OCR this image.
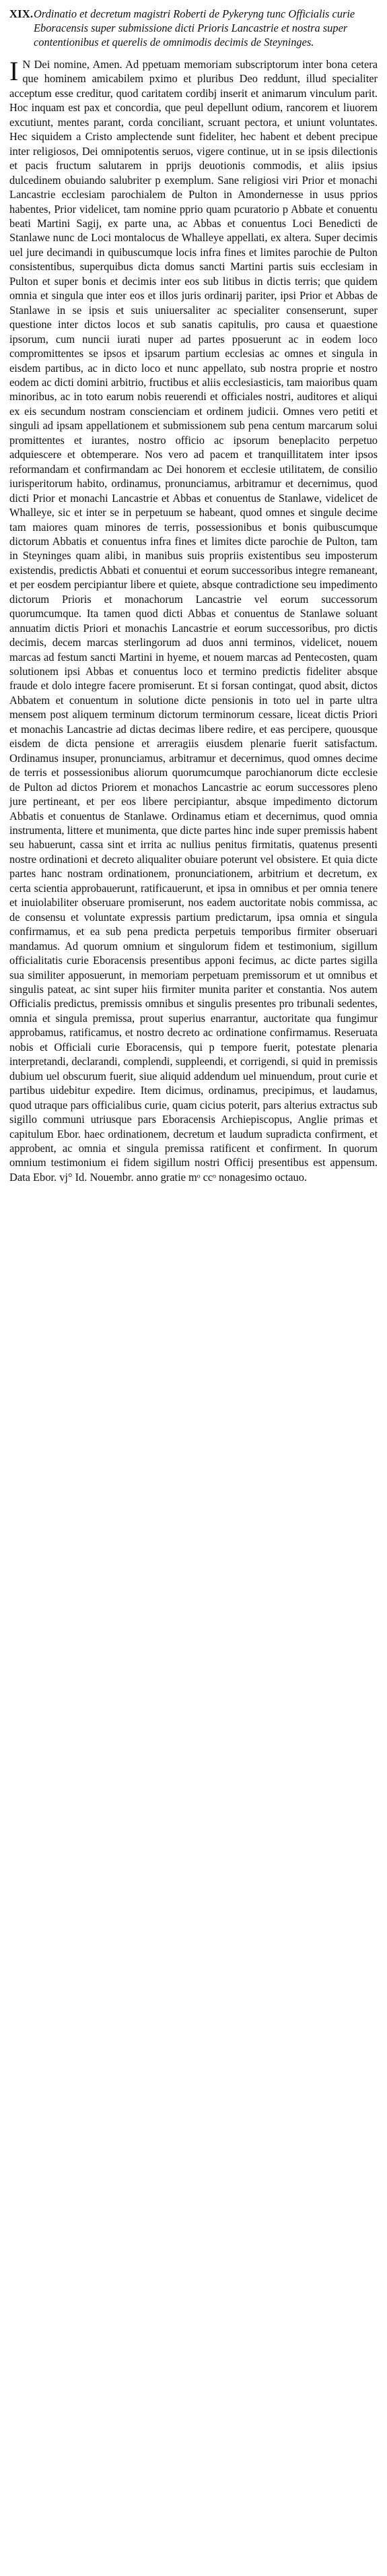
XIX. Ordinatio et decretum magistri Roberti de Pykeryng tunc Officialis curie Eboracensis super submissione dicti Prioris Lancastrie et nostra super contentionibus et querelis de omnimodis decimis de Steyninges.

I N Dei nomine, Amen. Ad ppetuam memoriam subscriptorum inter bona cetera que hominem amicabilem pximo et pluribus Deo reddunt, illud specialiter acceptum esse creditur, quod caritatem cordibj inserit et animarum vinculum parit. Hoc inquam est pax et concordia, que peul depellunt odium, rancorem et liuorem excutiunt, mentes parant, corda conciliant, scruant pectora, et uniunt voluntates. Hec siquidem a Cristo amplectende sunt fideliter, hec habent et debent precipue inter religiosos, Dei omnipotentis seruos, vigere continue, ut in se ipsis dilectionis et pacis fructum salutarem in pprijs deuotionis commodis, et aliis ipsius dulcedinem obuiando salubriter p exemplum. Sane religiosi viri Prior et monachi Lancastrie ecclesiam parochialem de Pulton in Amondernesse in usus pprios habentes, Prior videlicet, tam nomine pprio quam pcuratorio p Abbate et conuentu beati Martini Sagij, ex parte una, ac Abbas et conuentus Loci Benedicti de Stanlawe nunc de Loci montalocus de Whalleye appellati, ex altera. Super decimis uel jure decimandi in quibuscumque locis infra fines et limites parochie de Pulton consistentibus, superquibus dicta domus sancti Martini partis suis ecclesiam in Pulton et super bonis et decimis inter eos sub litibus in dictis terris; que quidem omnia et singula que inter eos et illos juris ordinarij pariter, ipsi Prior et Abbas de Stanlawe in se ipsis et suis uniuersaliter ac specialiter consenserunt, super questione inter dictos locos et sub sanatis capitulis, pro causa et quaestione ipsorum, cum nuncii iurati nuper ad partes pposuerunt ac in eodem loco compromittentes se ipsos et ipsarum partium ecclesias ac omnes et singula in eisdem partibus, ac in dicto loco et nunc appellato, sub nostra proprie et nostro eodem ac dicti domini arbitrio, fructibus et aliis ecclesiasticis, tam maioribus quam minoribus, ac in toto earum nobis reuerendi et officiales nostri, auditores et aliqui ex eis secundum nostram conscienciam et ordinem judicii. Omnes vero petiti et singuli ad ipsam appellationem et submissionem sub pena centum marcarum solui promittentes et iurantes, nostro officio ac ipsorum beneplacito perpetuo adquiescere et obtemperare. Nos vero ad pacem et tranquillitatem inter ipsos reformandam et confirmandam ac Dei honorem et ecclesie utilitatem, de consilio iurisperitorum habito, ordinamus, pronunciamus, arbitramur et decernimus, quod dicti Prior et monachi Lancastrie et Abbas et conuentus de Stanlawe, videlicet de Whalleye, sic et inter se in perpetuum se habeant, quod omnes et singule decime tam maiores quam minores de terris, possessionibus et bonis quibuscumque dictorum Abbatis et conuentus infra fines et limites dicte parochie de Pulton, tam in Steyninges quam alibi, in manibus suis propriis existentibus seu imposterum existendis, predictis Abbati et conuentui et eorum successoribus integre remaneant, et per eosdem percipiantur libere et quiete, absque contradictione seu impedimento dictorum Prioris et monachorum Lancastrie vel eorum successorum quorumcumque. Ita tamen quod dicti Abbas et conuentus de Stanlawe soluant annuatim dictis Priori et monachis Lancastrie et eorum successoribus, pro dictis decimis, decem marcas sterlingorum ad duos anni terminos, videlicet, nouem marcas ad festum sancti Martini in hyeme, et nouem marcas ad Pentecosten, quam solutionem ipsi Abbas et conuentus loco et termino predictis fideliter absque fraude et dolo integre facere promiserunt. Et si forsan contingat, quod absit, dictos Abbatem et conuentum in solutione dicte pensionis in toto uel in parte ultra mensem post aliquem terminum dictorum terminorum cessare, liceat dictis Priori et monachis Lancastrie ad dictas decimas libere redire, et eas percipere, quousque eisdem de dicta pensione et arreragiis eiusdem plenarie fuerit satisfactum. Ordinamus insuper, pronunciamus, arbitramur et decernimus, quod omnes decime de terris et possessionibus aliorum quorumcumque parochianorum dicte ecclesie de Pulton ad dictos Priorem et monachos Lancastrie ac eorum successores pleno jure pertineant, et per eos libere percipiantur, absque impedimento dictorum Abbatis et conuentus de Stanlawe. Ordinamus etiam et decernimus, quod omnia instrumenta, littere et munimenta, que dicte partes hinc inde super premissis habent seu habuerunt, cassa sint et irrita ac nullius penitus firmitatis, quatenus presenti nostre ordinationi et decreto aliqualiter obuiare poterunt vel obsistere. Et quia dicte partes hanc nostram ordinationem, pronunciationem, arbitrium et decretum, ex certa scientia approbauerunt, ratificauerunt, et ipsa in omnibus et per omnia tenere et inuiolabiliter obseruare promiserunt, nos eadem auctoritate nobis commissa, ac de consensu et voluntate expressis partium predictarum, ipsa omnia et singula confirmamus, et ea sub pena predicta perpetuis temporibus firmiter obseruari mandamus. Ad quorum omnium et singulorum fidem et testimonium, sigillum officialitatis curie Eboracensis presentibus apponi fecimus, ac dicte partes sigilla sua similiter apposuerunt, in memoriam perpetuam premissorum et ut omnibus et singulis pateat, ac sint super hiis firmiter munita pariter et constantia. Nos autem Officialis predictus, premissis omnibus et singulis presentes pro tribunali sedentes, omnia et singula premissa, prout superius enarrantur, auctoritate qua fungimur approbamus, ratificamus, et nostro decreto ac ordinatione confirmamus. Reseruata nobis et Officiali curie Eboracensis, qui p tempore fuerit, potestate plenaria interpretandi, declarandi, complendi, suppleendi, et corrigendi, si quid in premissis dubium uel obscurum fuerit, siue aliquid addendum uel minuendum, prout curie et partibus uidebitur expedire. Item dicimus, ordinamus, precipimus, et laudamus, quod utraque pars officialibus curie, quam cicius poterit, pars alterius extractus sub sigillo communi utriusque pars Eboracensis Archiepiscopus, Anglie primas et capitulum Ebor. haec ordinationem, decretum et laudum supradicta confirment, et approbent, ac omnia et singula premissa ratificent et confirment. In quorum omnium testimonium ei fidem sigillum nostri Officij presentibus est appensum. Data Ebor. vj° Id. Nouembr. anno gratie mᵒ ccᵒ nonagesimo octauo.
